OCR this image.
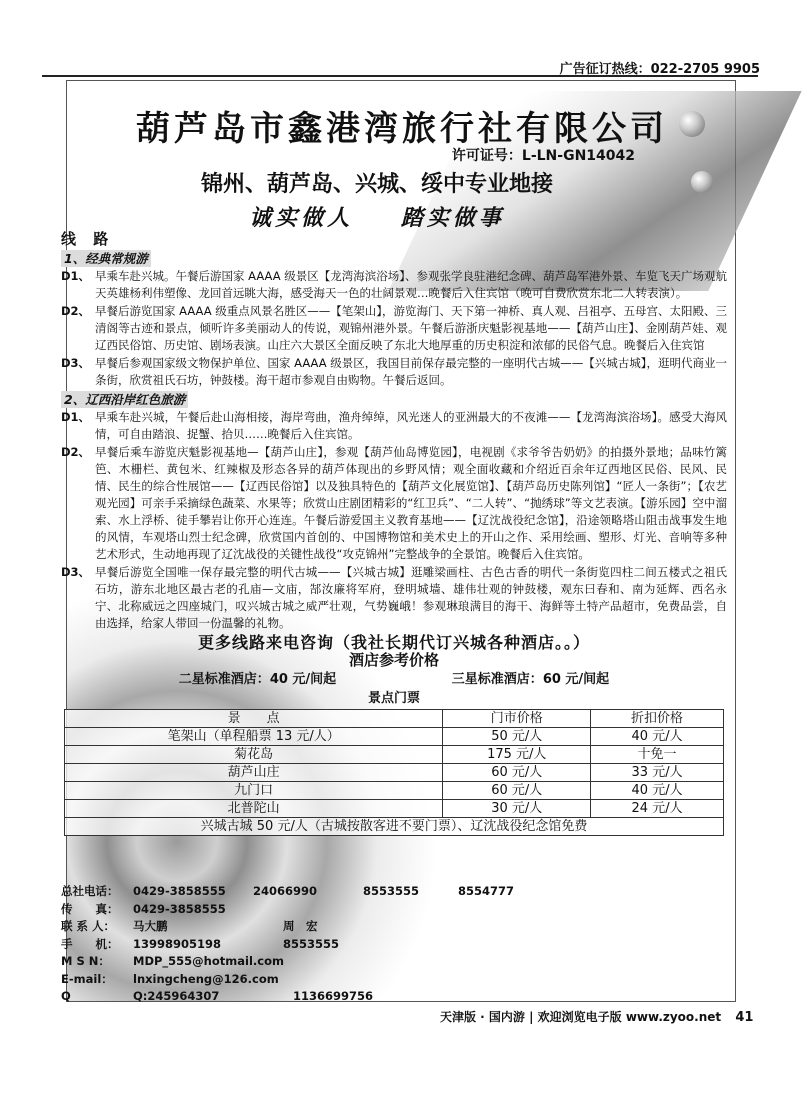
广告征订热线：022-2705 9905
葫芦岛市鑫港湾旅行社有限公司
许可证号：L-LN-GN14042
锦州、葫芦岛、兴城、绥中专业地接
诚实做人 踏实做事
线 路
1、经典常规游
D1、 早乘车赴兴城。午餐后游国家 AAAA 级景区【龙湾海滨浴场】、参观张学良驻港纪念碑、葫芦岛军港外景、车览飞天广场观航天英雄杨利伟塑像、龙回首远眺大海，感受海天一色的壮阔景观…晚餐后入住宾馆（晚可自费欣赏东北二人转表演）。
D2、 早餐后游览国家 AAAA 级重点风景名胜区——【笔架山】，游览海门、天下第一神桥、真人观、吕祖亭、五母宫、太阳殿、三清阁等古迹和景点，倾听许多美丽动人的传说，观锦州港外景。午餐后游浙庆魁影视基地——【葫芦山庄】、金刚葫芦娃、观辽西民俗馆、历史馆、剧场表演。山庄六大景区全面反映了东北大地厚重的历史积淀和浓郁的民俗气息。晚餐后入住宾馆
D3、 早餐后参观国家级文物保护单位、国家 AAAA 级景区，我国目前保存最完整的一座明代古城——【兴城古城】，逛明代商业一条街，欣赏祖氏石坊，钟鼓楼。海干超市参观自由购物。午餐后返回。
2、辽西沿岸红色旅游
D1、 早乘车赴兴城，午餐后赴山海相接，海岸弯曲，渔舟绰绰，风光迷人的亚洲最大的不夜滩——【龙湾海滨浴场】。感受大海风情，可自由踏浪、捉蟹、拾贝……晚餐后入住宾馆。
D2、 早餐后乘车游览庆魁影视基地—【葫芦山庄】，参观【葫芦仙岛博览园】，电视剧《求爷爷告奶奶》的拍摄外景地；品味竹篱笆、木栅栏、黄包米、红辣椒及形态各异的葫芦体现出的乡野风情；观全面收藏和介绍近百余年辽西地区民俗、民风、民情、民生的综合性展馆——【辽西民俗馆】以及独具特色的【葫芦文化展览馆】、【葫芦岛历史陈列馆】“匠人一条街”；【农艺观光园】可亲手采摘绿色蔬菜、水果等；欣赏山庄剧团精彩的“红卫兵”、“二人转”、“抛绣球”等文艺表演。【游乐园】空中溜索、水上浮桥、徒手攀岩让你开心连连。午餐后游爱国主义教育基地——【辽沈战役纪念馆】，沿途领略塔山阻击战事发生地的风情，车观塔山烈士纪念碑，欣赏国内首创的、中国博物馆和美术史上的开山之作、采用绘画、塑形、灯光、音响等多种艺术形式，生动地再现了辽沈战役的关键性战役“攻克锦州”完整战争的全景馆。晚餐后入住宾馆。
D3、 早餐后游览全国唯一保存最完整的明代古城——【兴城古城】逛雕梁画柱、古色古香的明代一条街览四柱二间五楼式之祖氏石坊，游东北地区最古老的孔庙—文庙，郜汝廉将军府，登明城墙、雄伟壮观的钟鼓楼，观东曰春和、南为延辉、西名永宁、北称威远之四座城门，叹兴城古城之威严壮观，气势巍峨！参观琳琅满目的海干、海鲜等土特产品超市，免费品尝，自由选择，给家人带回一份温馨的礼物。
更多线路来电咨询（我社长期代订兴城各种酒店。。）
酒店参考价格
二星标准酒店：40 元/间起	三星标准酒店：60 元/间起
景点门票
景　　点	门市价格	折扣价格
笔架山（单程船票 13 元/人）	50 元/人	40 元/人
菊花岛	175 元/人	十免一
葫芦山庄	60 元/人	33 元/人
九门口	60 元/人	40 元/人
北普陀山	30 元/人	24 元/人
兴城古城 50 元/人（古城按散客进不要门票）、辽沈战役纪念馆免费		
总社电话：	0429-3858555	24066990	8553555	8554777
传　　真：	0429-3858555
联 系 人：	马大鹏	周　宏
手　　机：	13998905198	8553555
M S N：	MDP_555@hotmail.com
E-mail：	lnxingcheng@126.com
Q	Q:245964307	1136699756
天津版 · 国内游 | 欢迎浏览电子版 www.zyoo.net 41
